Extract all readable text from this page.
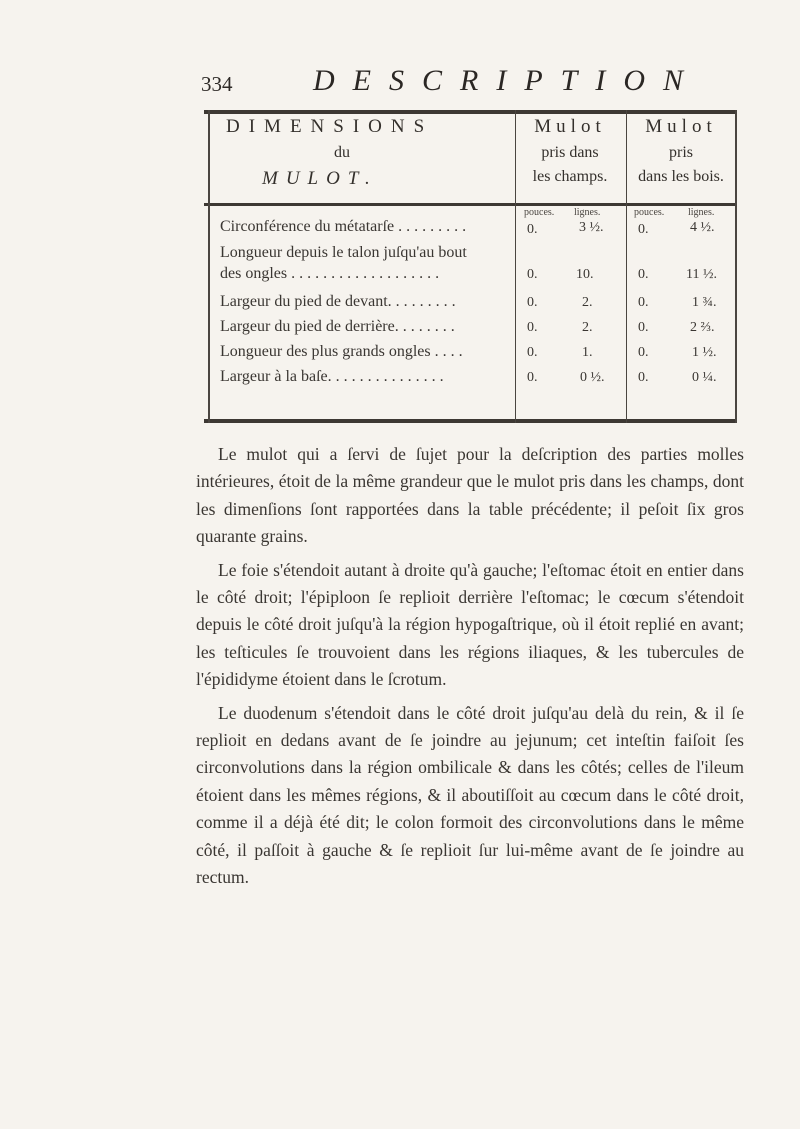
334	DESCRIPTION
DIMENSIONS
du
MULOT.
Mulot
pris dans
les champs.
Mulot
pris
dans les bois.
pouces. lignes.	pouces. lignes.
Circonférence du métatarſe . . . . . . . . .	0.	3 ½. 0.	4 ½.
Longueur depuis le talon juſqu'au bout
des ongles . . . . . . . . . . . . . . . . . . .	0.	10.	0.	11 ½.
Largeur du pied de devant. . . . . . . . .	0.	2.	0.	1 ¾.
Largeur du pied de derrière. . . . . . . .	0.	2.	0.	2 ⅔.
Longueur des plus grands ongles . . . .	0.	1.	0.	1 ½.
Largeur à la baſe. . . . . . . . . . . . . . .	0.	0 ½. 0.	0 ¼.

Le mulot qui a ſervi de ſujet pour la deſcription des parties molles intérieures, étoit de la même grandeur que le mulot pris dans les champs, dont les dimenſions ſont rapportées dans la table précédente; il peſoit ſix gros quarante grains.

Le foie s'étendoit autant à droite qu'à gauche; l'eſtomac étoit en entier dans le côté droit; l'épiploon ſe replioit derrière l'eſtomac; le cœcum s'étendoit depuis le côté droit juſqu'à la région hypogaſtrique, où il étoit replié en avant; les teſticules ſe trouvoient dans les régions iliaques, & les tubercules de l'épididyme étoient dans le ſcrotum.

Le duodenum s'étendoit dans le côté droit juſqu'au delà du rein, & il ſe replioit en dedans avant de ſe joindre au jejunum; cet inteſtin faiſoit ſes circonvolutions dans la région ombilicale & dans les côtés; celles de l'ileum étoient dans les mêmes régions, & il aboutiſſoit au cœcum dans le côté droit, comme il a déjà été dit; le colon formoit des circonvolutions dans le même côté, il paſſoit à gauche & ſe replioit ſur lui-même avant de ſe joindre au rectum.
